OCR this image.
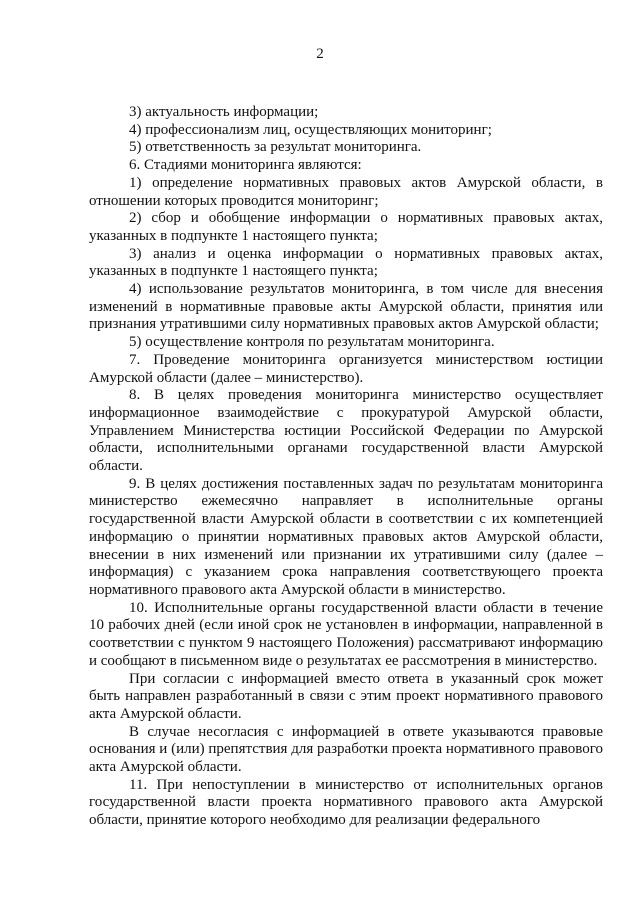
2

3) актуальность информации;

4) профессионализм лиц, осуществляющих мониторинг;

5) ответственность за результат мониторинга.

6. Стадиями мониторинга являются:

1) определение нормативных правовых актов Амурской области, в отношении которых проводится мониторинг;

2) сбор и обобщение информации о нормативных правовых актах, указанных в подпункте 1 настоящего пункта;

3) анализ и оценка информации о нормативных правовых актах, указанных в подпункте 1 настоящего пункта;

4) использование результатов мониторинга, в том числе для внесения изменений в нормативные правовые акты Амурской области, принятия или признания утратившими силу нормативных правовых актов Амурской области;

5) осуществление контроля по результатам мониторинга.

7. Проведение мониторинга организуется министерством юстиции Амурской области (далее – министерство).

8. В целях проведения мониторинга министерство осуществляет информационное взаимодействие с прокуратурой Амурской области, Управлением Министерства юстиции Российской Федерации по Амурской области, исполнительными органами государственной власти Амурской области.

9. В целях достижения поставленных задач по результатам мониторинга министерство ежемесячно направляет в исполнительные органы государственной власти Амурской области в соответствии с их компетенцией информацию о принятии нормативных правовых актов Амурской области, внесении в них изменений или признании их утратившими силу (далее – информация) с указанием срока направления соответствующего проекта нормативного правового акта Амурской области в министерство.

10. Исполнительные органы государственной власти области в течение 10 рабочих дней (если иной срок не установлен в информации, направленной в соответствии с пунктом 9 настоящего Положения) рассматривают информацию и сообщают в письменном виде о результатах ее рассмотрения в министерство.

При согласии с информацией вместо ответа в указанный срок может быть направлен разработанный в связи с этим проект нормативного правового акта Амурской области.

В случае несогласия с информацией в ответе указываются правовые основания и (или) препятствия для разработки проекта нормативного правового акта Амурской области.

11. При непоступлении в министерство от исполнительных органов государственной власти проекта нормативного правового акта Амурской области, принятие которого необходимо для реализации федерального
